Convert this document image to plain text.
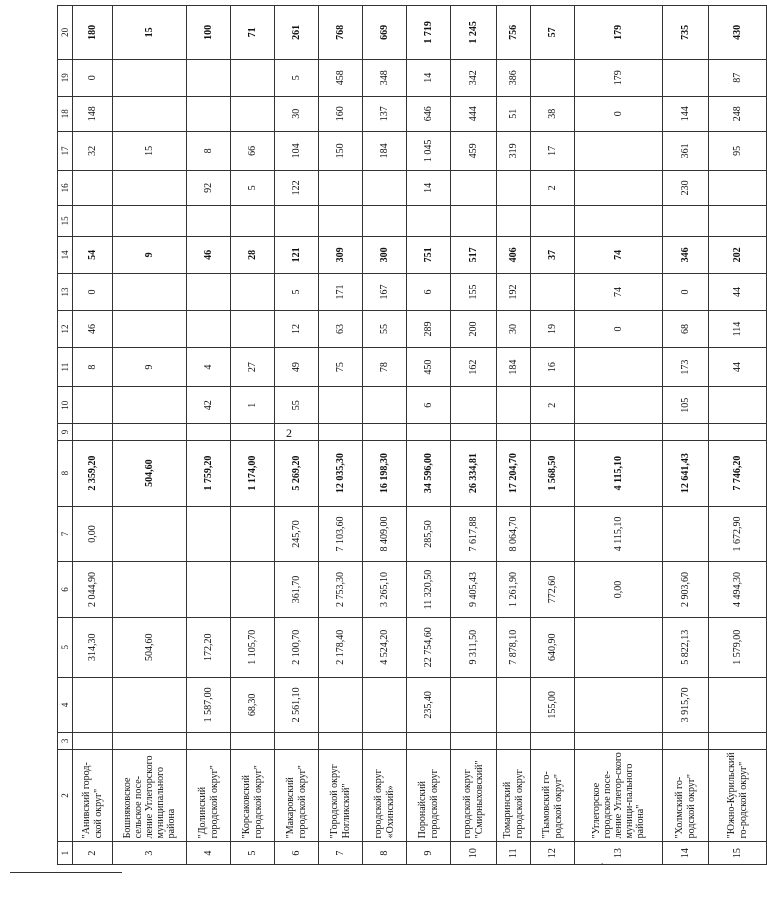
2
1	2	3	4	5	6	7	8	9	10	11	12	13	14	15	16	17	18	19	20
2	"Анивский город-ской округ"			314,30	2 044,90	0,00	2 359,20			8	46	0	54			32	148	0	180
3	Бошняковское сельское посе-ление Углегорского муниципального района			504,60			504,60			9			9			15			15
4	"Долинский городской округ"		1 587,00	172,20			1 759,20		42	4			46		92	8			100
5	"Корсаковский городской округ"		68,30	1 105,70			1 174,00		1	27			28		5	66			71
6	"Макаровский городской округ"		2 561,10	2 100,70	361,70	245,70	5 269,20		55	49	12	5	121		122	104	30	5	261
7	"Городской округ Ногликский"			2 178,40	2 753,30	7 103,60	12 035,30			75	63	171	309			150	160	458	768
8	городской округ «Охинский»			4 524,20	3 265,10	8 409,00	16 198,30			78	55	167	300			184	137	348	669
9	Поронайский городской округ		235,40	22 754,60	11 320,50	285,50	34 596,00		6	450	289	6	751		14	1 045	646	14	1 719
10	городской округ "Смирныховский"			9 311,50	9 405,43	7 617,88	26 334,81			162	200	155	517			459	444	342	1 245
11	Томаринский городской округ			7 878,10	1 261,90	8 064,70	17 204,70			184	30	192	406			319	51	386	756
12	"Тымовский го-родской округ"		155,00	640,90	772,60		1 568,50		2	16	19		37		2	17	38		57
13	"Углегорское городское посе-ление Углегор-ского муници-пального района"				0,00	4 115,10	4 115,10				0	74	74				0	179	179
14	"Холмский го-родской округ"		3 915,70	5 822,13	2 903,60		12 641,43		105	173	68	0	346		230	361	144		735
15	"Южно-Курильский го-родской округ"			1 579,00	4 494,30	1 672,90	7 746,20			44	114	44	202			95	248	87	430
.
